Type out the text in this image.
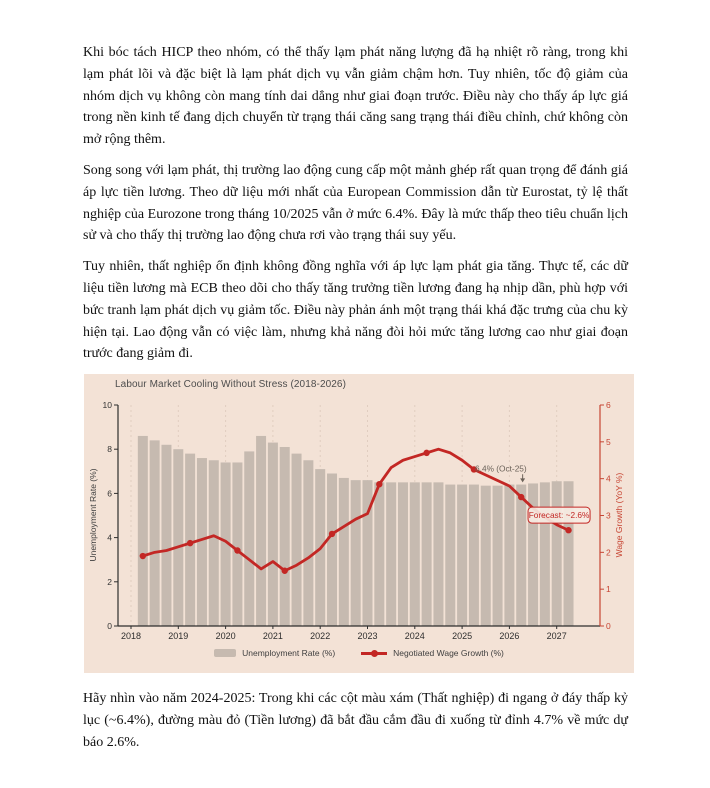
Khi bóc tách HICP theo nhóm, có thể thấy lạm phát năng lượng đã hạ nhiệt rõ ràng, trong khi lạm phát lõi và đặc biệt là lạm phát dịch vụ vẫn giảm chậm hơn. Tuy nhiên, tốc độ giảm của nhóm dịch vụ không còn mang tính dai dẳng như giai đoạn trước. Điều này cho thấy áp lực giá trong nền kinh tế đang dịch chuyển từ trạng thái căng sang trạng thái điều chỉnh, chứ không còn mở rộng thêm.

Song song với lạm phát, thị trường lao động cung cấp một mảnh ghép rất quan trọng để đánh giá áp lực tiền lương. Theo dữ liệu mới nhất của European Commission dẫn từ Eurostat, tỷ lệ thất nghiệp của Eurozone trong tháng 10/2025 vẫn ở mức 6.4%. Đây là mức thấp theo tiêu chuẩn lịch sử và cho thấy thị trường lao động chưa rơi vào trạng thái suy yếu.

Tuy nhiên, thất nghiệp ổn định không đồng nghĩa với áp lực lạm phát gia tăng. Thực tế, các dữ liệu tiền lương mà ECB theo dõi cho thấy tăng trưởng tiền lương đang hạ nhịp dần, phù hợp với bức tranh lạm phát dịch vụ giảm tốc. Điều này phản ánh một trạng thái khá đặc trưng của chu kỳ hiện tại. Lao động vẫn có việc làm, nhưng khả năng đòi hỏi mức tăng lương cao như giai đoạn trước đang giảm đi.

Labour Market Cooling Without Stress (2018-2026)
0
2
4
6
8
10
0
1
2
3
4
5
6
2018	2019	2020	2021	2022	2023	2024	2025	2026	2027
Unemployment Rate (%)	Wage Growth (YoY %)
6.4% (Oct-25)
Forecast: ~2.6%
Unemployment Rate (%)	Negotiated Wage Growth (%)

Hãy nhìn vào năm 2024-2025: Trong khi các cột màu xám (Thất nghiệp) đi ngang ở đáy thấp kỷ lục (~6.4%), đường màu đỏ (Tiền lương) đã bắt đầu cắm đầu đi xuống từ đỉnh 4.7% về mức dự báo 2.6%.
